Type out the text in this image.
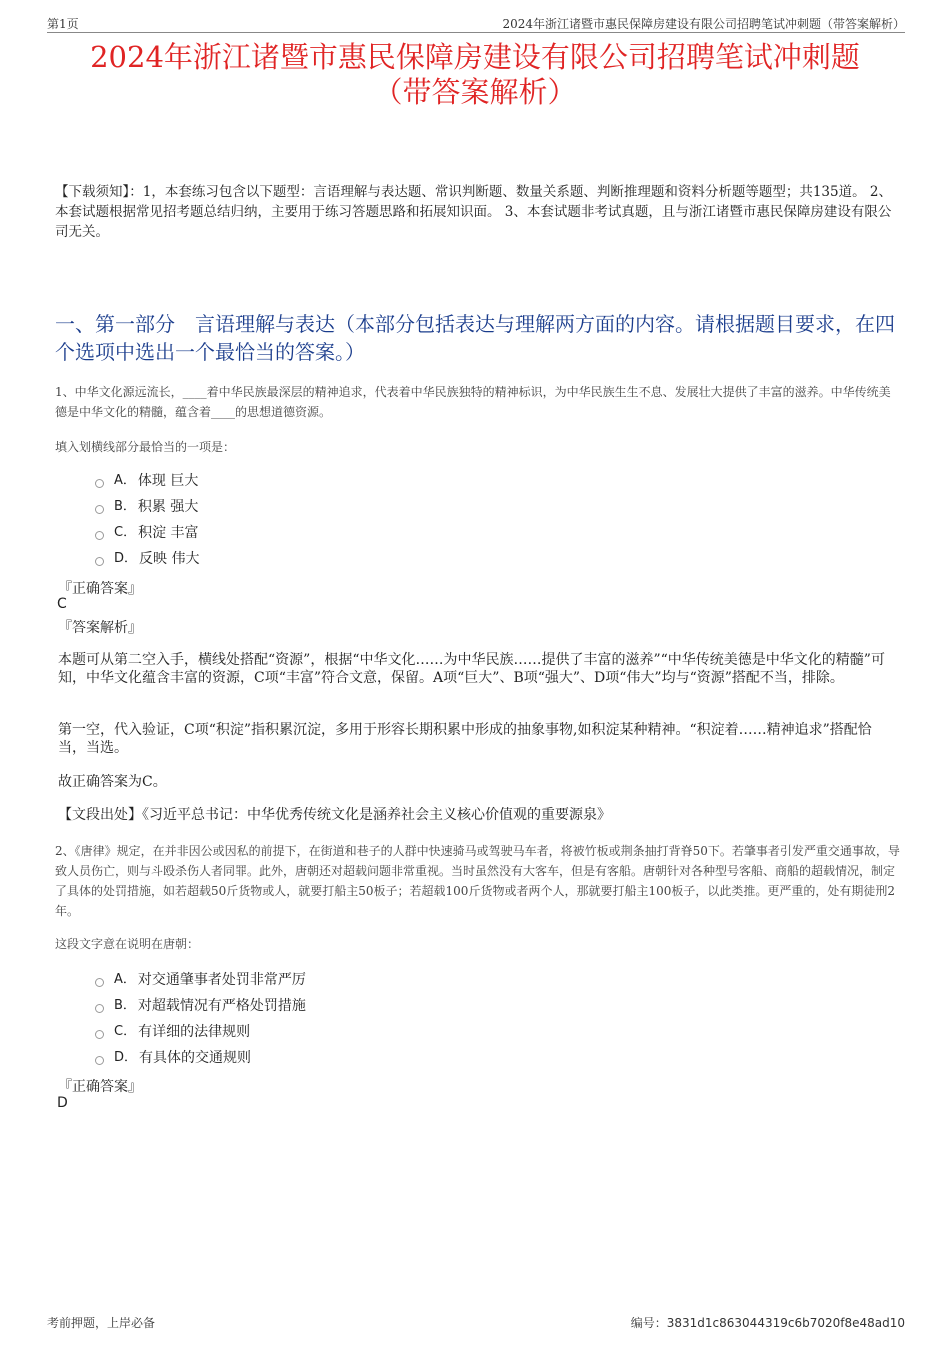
第1页	2024年浙江诸暨市惠民保障房建设有限公司招聘笔试冲刺题（带答案解析）
2024年浙江诸暨市惠民保障房建设有限公司招聘笔试冲刺题
（带答案解析）

【下载须知】：1，本套练习包含以下题型：言语理解与表达题、常识判断题、数量关系题、判断推理题和资料分析题等题型；共135道。 2、本套试题根据常见招考题总结归纳，主要用于练习答题思路和拓展知识面。 3、本套试题非考试真题，且与浙江诸暨市惠民保障房建设有限公司无关。

一、第一部分　言语理解与表达（本部分包括表达与理解两方面的内容。请根据题目要求，在四个选项中选出一个最恰当的答案。）

1、中华文化源远流长，____着中华民族最深层的精神追求，代表着中华民族独特的精神标识，为中华民族生生不息、发展壮大提供了丰富的滋养。中华传统美德是中华文化的精髓，蕴含着____的思想道德资源。

填入划横线部分最恰当的一项是：

A． 体现 巨大
B． 积累 强大
C． 积淀 丰富
D． 反映 伟大

『正确答案』

C

『答案解析』

本题可从第二空入手，横线处搭配“资源”，根据“中华文化……为中华民族……提供了丰富的滋养”“中华传统美德是中华文化的精髓”可知，中华文化蕴含丰富的资源，C项“丰富”符合文意，保留。A项“巨大”、B项“强大”、D项“伟大”均与“资源”搭配不当，排除。

第一空，代入验证，C项“积淀”指积累沉淀，多用于形容长期积累中形成的抽象事物,如积淀某种精神。“积淀着……精神追求”搭配恰当，当选。

故正确答案为C。

【文段出处】《习近平总书记：中华优秀传统文化是涵养社会主义核心价值观的重要源泉》

2、《唐律》规定，在并非因公或因私的前提下，在街道和巷子的人群中快速骑马或驾驶马车者，将被竹板或荆条抽打背脊50下。若肇事者引发严重交通事故，导致人员伤亡，则与斗殴杀伤人者同罪。此外，唐朝还对超载问题非常重视。当时虽然没有大客车，但是有客船。唐朝针对各种型号客船、商船的超载情况，制定了具体的处罚措施，如若超载50斤货物或人，就要打船主50板子；若超载100斤货物或者两个人，那就要打船主100板子，以此类推。更严重的，处有期徒刑2年。

这段文字意在说明在唐朝：

A． 对交通肇事者处罚非常严厉
B． 对超载情况有严格处罚措施
C． 有详细的法律规则
D． 有具体的交通规则

『正确答案』

D

考前押题，上岸必备	编号：3831d1c863044319c6b7020f8e48ad10
